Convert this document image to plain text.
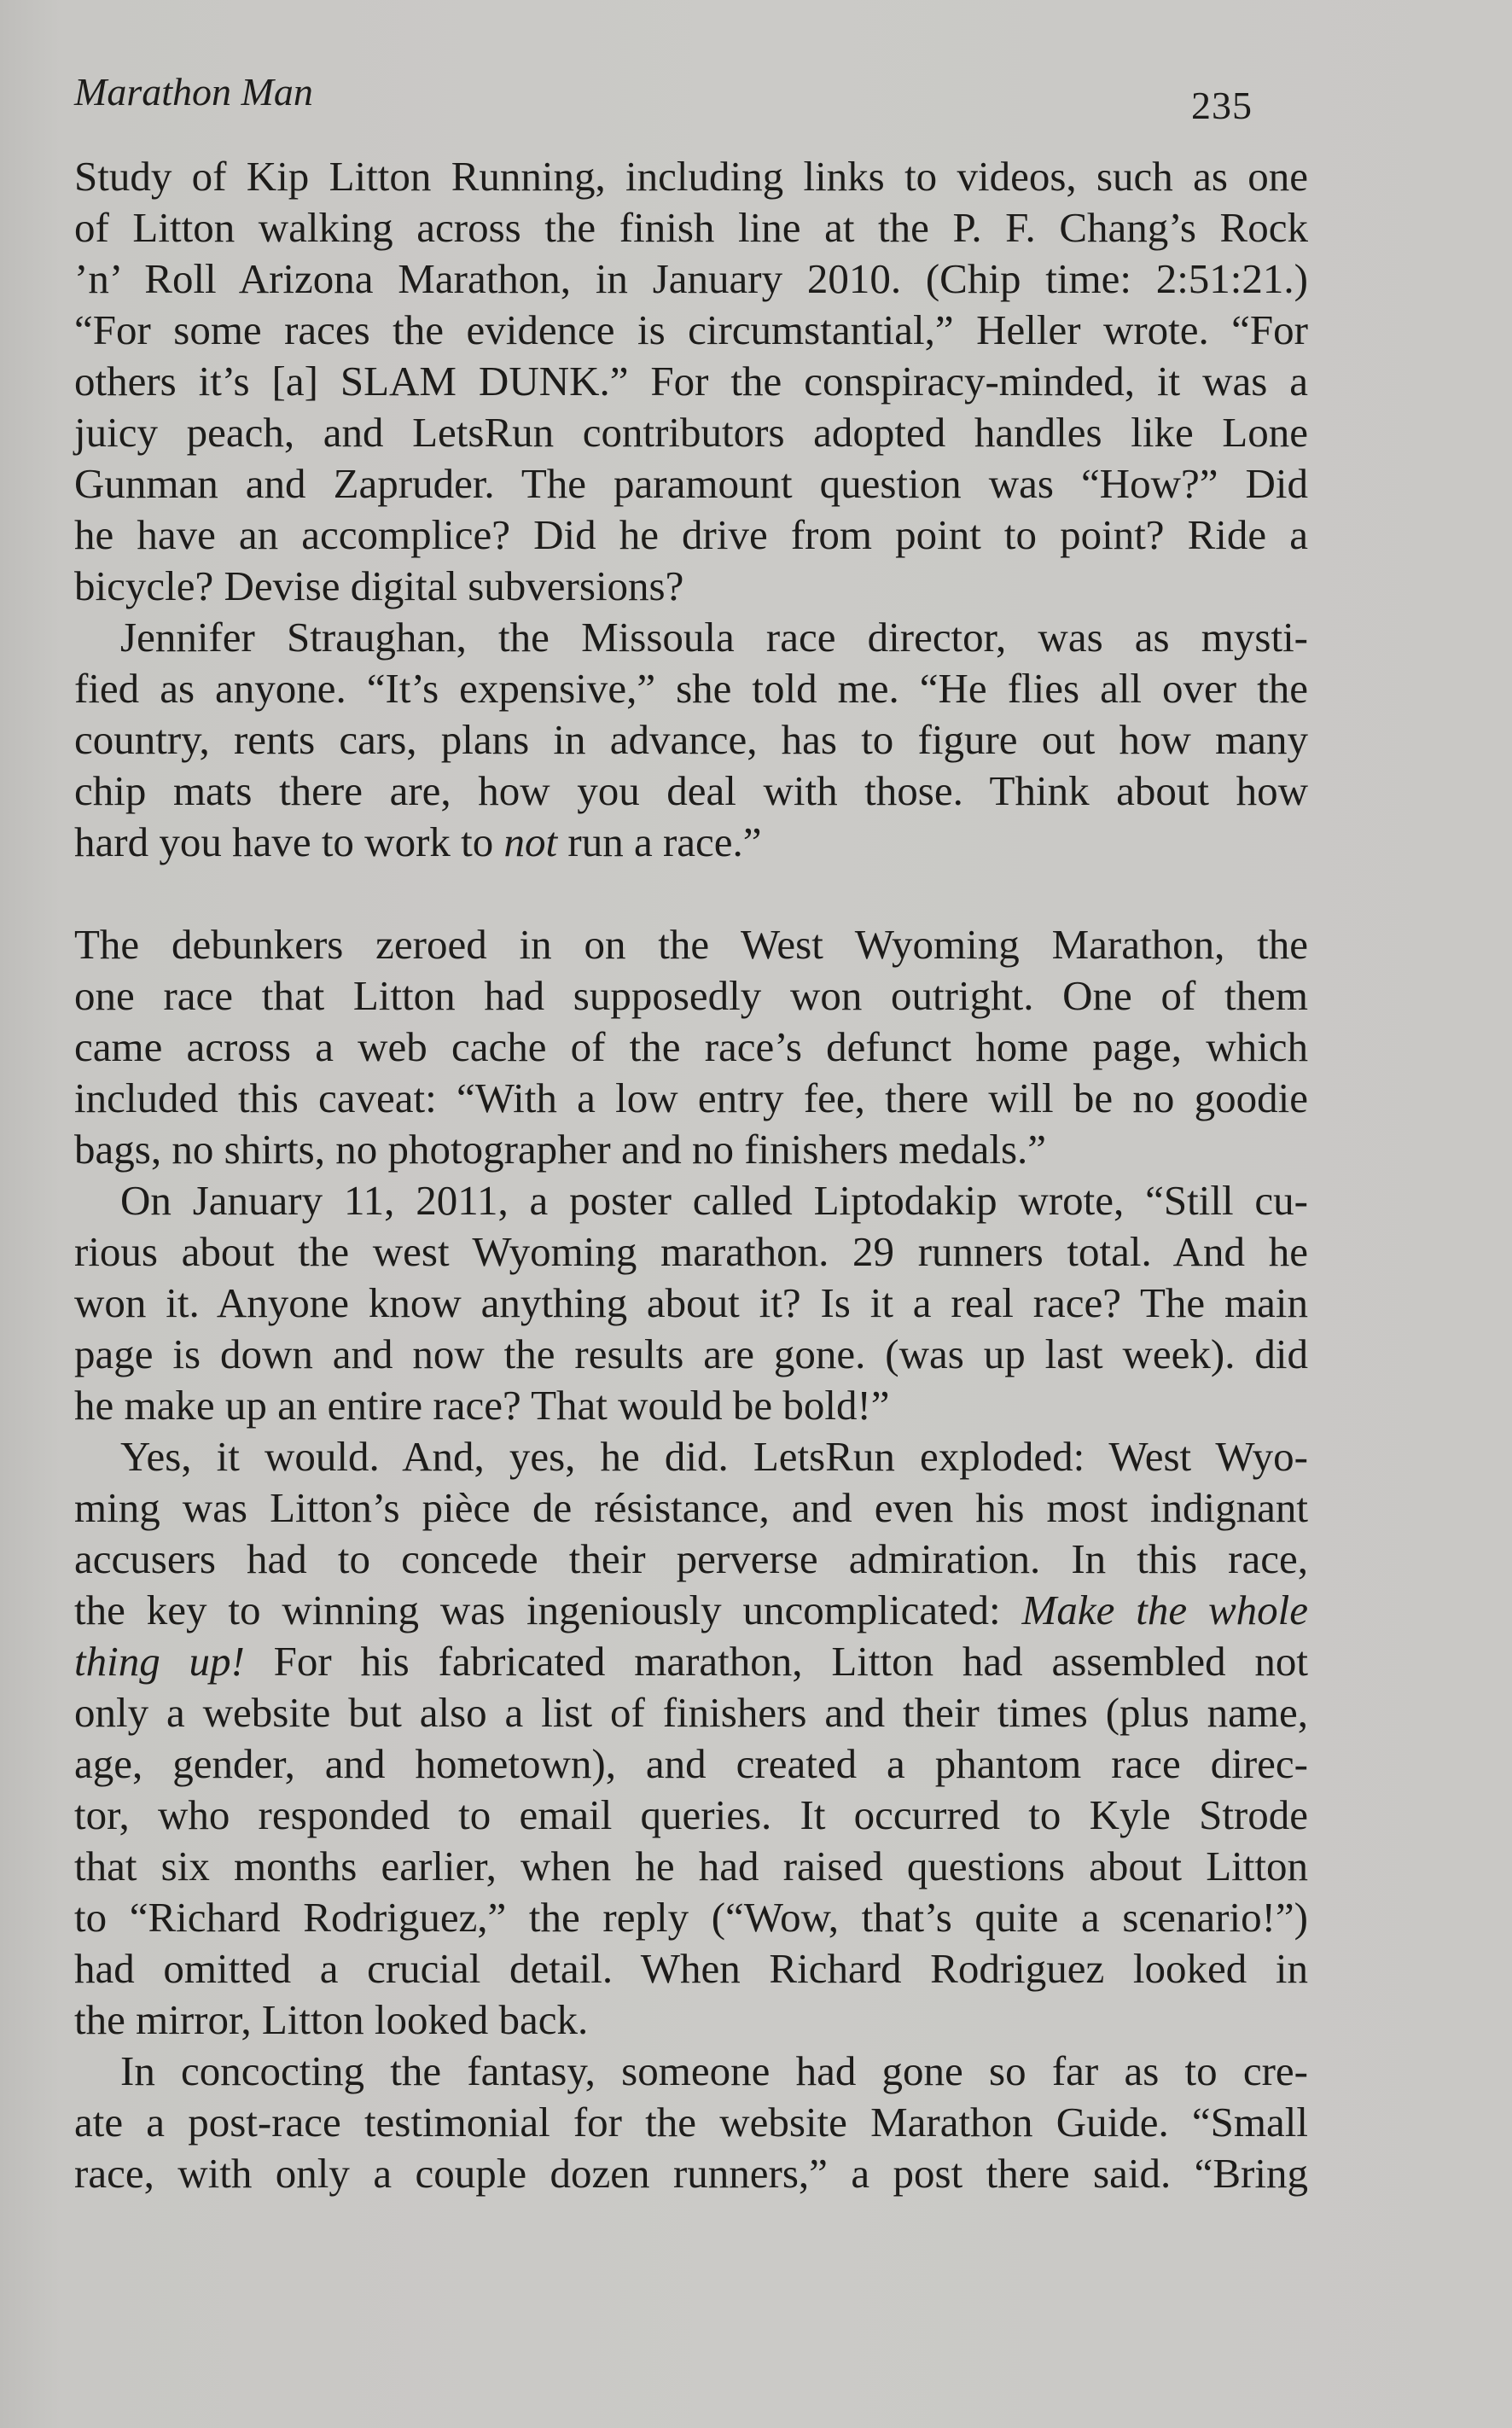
Marathon Man	235
Study of Kip Litton Running, including links to videos, such as one
of Litton walking across the finish line at the P. F. Chang’s Rock
’n’ Roll Arizona Marathon, in January 2010. (Chip time: 2:51:21.)
“For some races the evidence is circumstantial,” Heller wrote. “For
others it’s [a] SLAM DUNK.” For the conspiracy-minded, it was a
juicy peach, and LetsRun contributors adopted handles like Lone
Gunman and Zapruder. The paramount question was “How?” Did
he have an accomplice? Did he drive from point to point? Ride a
bicycle? Devise digital subversions?
Jennifer Straughan, the Missoula race director, was as mysti-
fied as anyone. “It’s expensive,” she told me. “He flies all over the
country, rents cars, plans in advance, has to figure out how many
chip mats there are, how you deal with those. Think about how
hard you have to work to not run a race.”
The debunkers zeroed in on the West Wyoming Marathon, the
one race that Litton had supposedly won outright. One of them
came across a web cache of the race’s defunct home page, which
included this caveat: “With a low entry fee, there will be no goodie
bags, no shirts, no photographer and no finishers medals.”
On January 11, 2011, a poster called Liptodakip wrote, “Still cu-
rious about the west Wyoming marathon. 29 runners total. And he
won it. Anyone know anything about it? Is it a real race? The main
page is down and now the results are gone. (was up last week). did
he make up an entire race? That would be bold!”
Yes, it would. And, yes, he did. LetsRun exploded: West Wyo-
ming was Litton’s pièce de résistance, and even his most indignant
accusers had to concede their perverse admiration. In this race,
the key to winning was ingeniously uncomplicated: Make the whole
thing up! For his fabricated marathon, Litton had assembled not
only a website but also a list of finishers and their times (plus name,
age, gender, and hometown), and created a phantom race direc-
tor, who responded to email queries. It occurred to Kyle Strode
that six months earlier, when he had raised questions about Litton
to “Richard Rodriguez,” the reply (“Wow, that’s quite a scenario!”)
had omitted a crucial detail. When Richard Rodriguez looked in
the mirror, Litton looked back.
In concocting the fantasy, someone had gone so far as to cre-
ate a post-race testimonial for the website Marathon Guide. “Small
race, with only a couple dozen runners,” a post there said. “Bring
